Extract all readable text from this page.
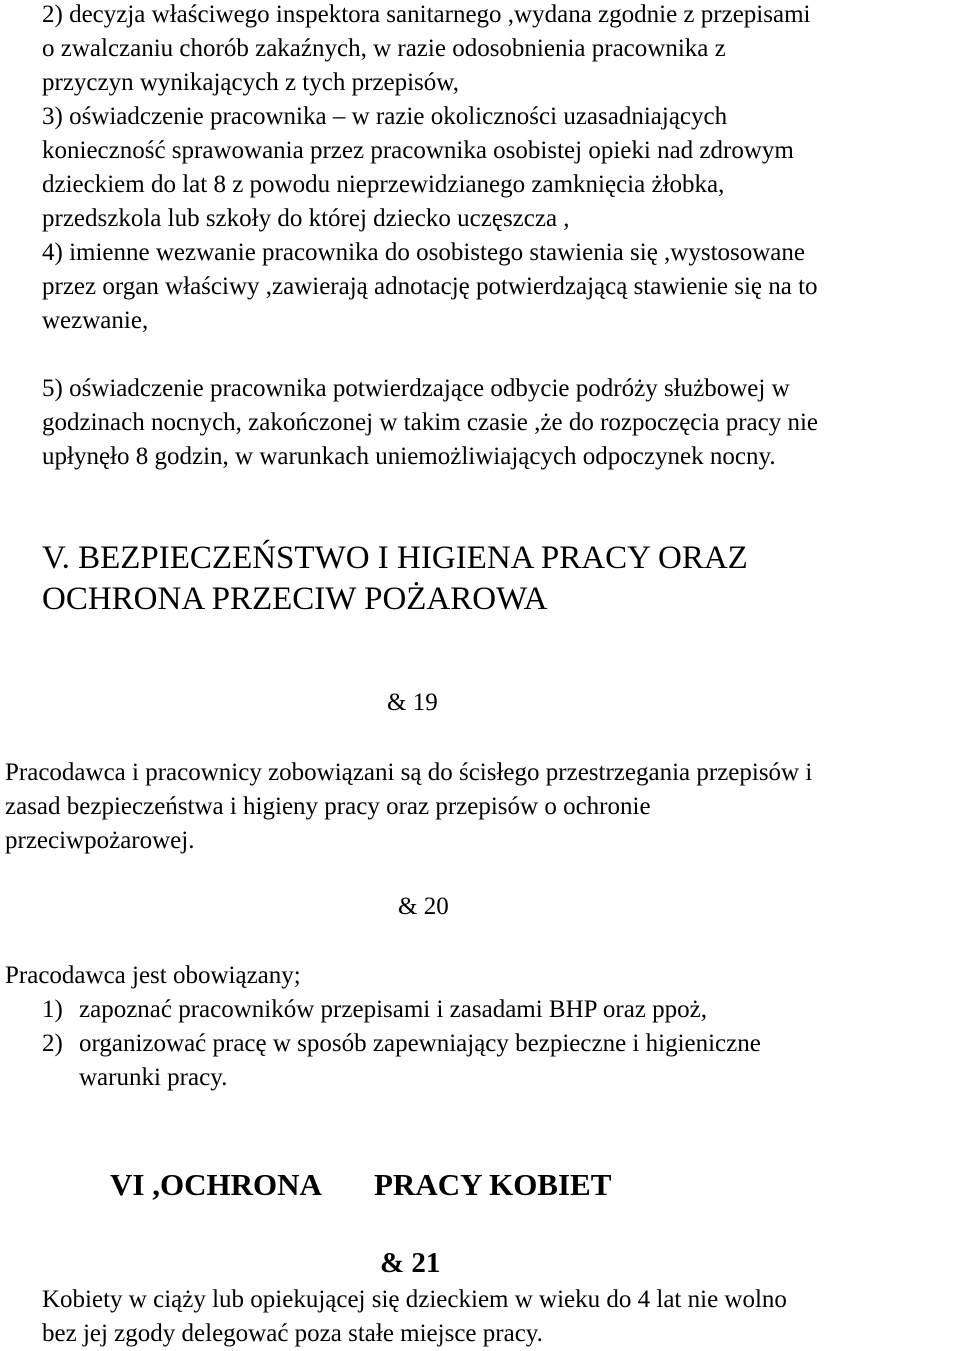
2) decyzja właściwego inspektora sanitarnego ,wydana zgodnie z przepisami

o zwalczaniu chorób zakaźnych, w razie odosobnienia pracownika z

przyczyn wynikających z tych przepisów,

3) oświadczenie pracownika – w razie okoliczności uzasadniających

konieczność sprawowania przez pracownika osobistej opieki nad zdrowym

dzieckiem do lat 8 z powodu nieprzewidzianego zamknięcia żłobka,

przedszkola lub szkoły do której dziecko uczęszcza ,

4) imienne wezwanie pracownika do osobistego stawienia się ,wystosowane

przez organ właściwy ,zawierają adnotację potwierdzającą stawienie się na to

wezwanie,

5) oświadczenie pracownika potwierdzające odbycie podróży służbowej w

godzinach nocnych, zakończonej w takim czasie ,że do rozpoczęcia pracy nie

upłynęło 8 godzin, w warunkach uniemożliwiających odpoczynek nocny.

V. BEZPIECZEŃSTWO I HIGIENA PRACY ORAZ
OCHRONA PRZECIW POŻAROWA
& 19

Pracodawca i pracownicy zobowiązani są do ścisłego przestrzegania przepisów i

zasad bezpieczeństwa i higieny pracy oraz przepisów o ochronie

przeciwpożarowej.

& 20

Pracodawca jest obowiązany;

1) zapoznać pracowników przepisami i zasadami BHP oraz ppoż,
2) organizować pracę w sposób zapewniający bezpieczne i higieniczne
warunki pracy.
VI ,OCHRONA PRACY KOBIET
& 21

Kobiety w ciąży lub opiekującej się dzieckiem w wieku do 4 lat nie wolno

bez jej zgody delegować poza stałe miejsce pracy.
